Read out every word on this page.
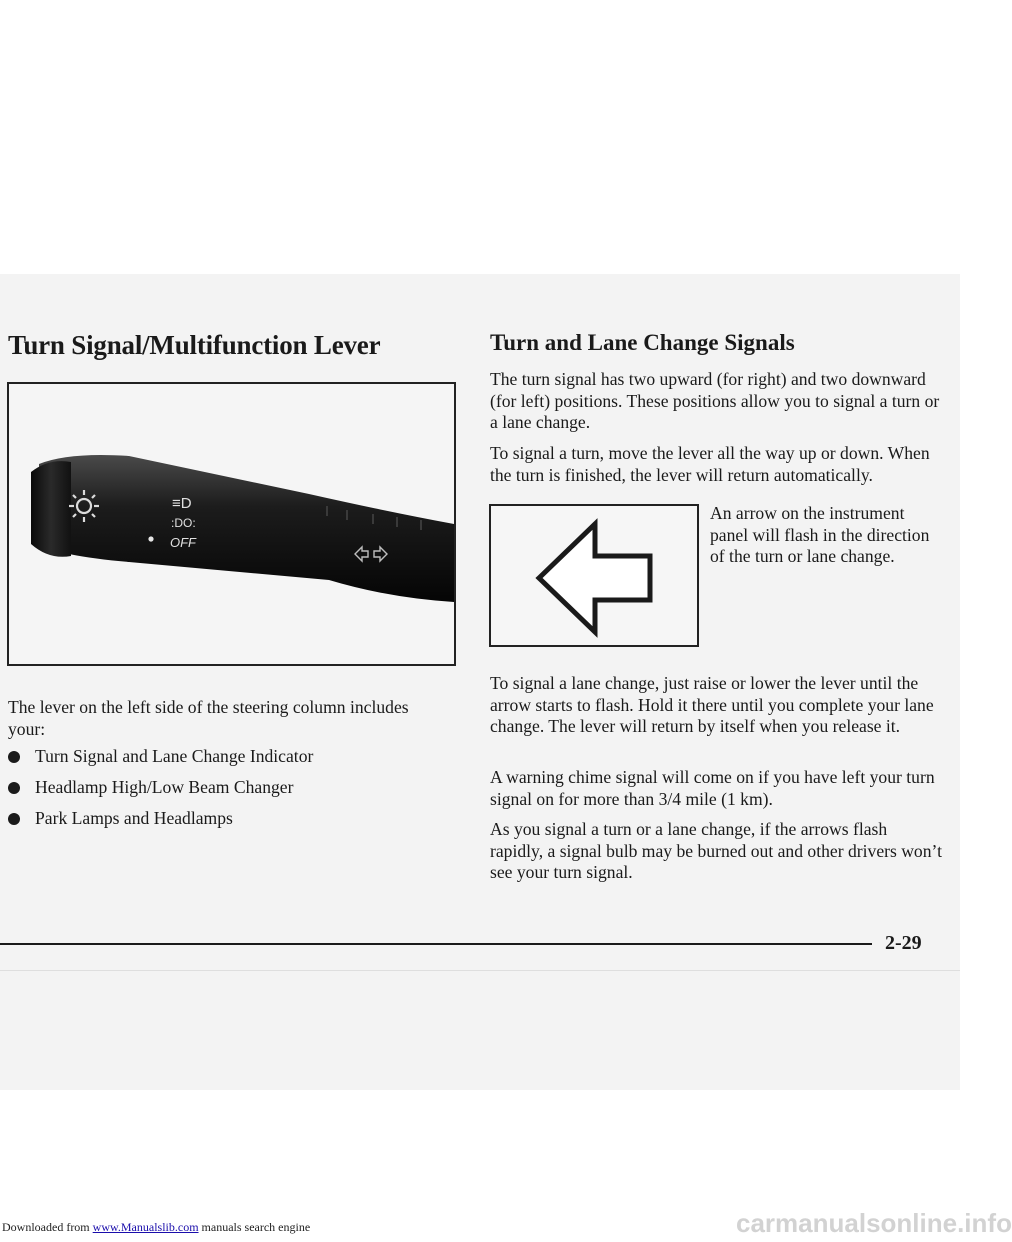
Turn Signal/Multifunction Lever
≡D
:DO:
OFF

The lever on the left side of the steering column includes your:

Turn Signal and Lane Change Indicator
Headlamp High/Low Beam Changer
Park Lamps and Headlamps
Turn and Lane Change Signals

The turn signal has two upward (for right) and two downward (for left) positions. These positions allow you to signal a turn or a lane change.

To signal a turn, move the lever all the way up or down. When the turn is finished, the lever will return automatically.

An arrow on the instrument panel will flash in the direction of the turn or lane change.

To signal a lane change, just raise or lower the lever until the arrow starts to flash. Hold it there until you complete your lane change. The lever will return by itself when you release it.

A warning chime signal will come on if you have left your turn signal on for more than 3/4 mile (1 km).

As you signal a turn or a lane change, if the arrows flash rapidly, a signal bulb may be burned out and other drivers won’t see your turn signal.

2-29
Downloaded from www.Manualslib.com manuals search engine	carmanualsonline.info
